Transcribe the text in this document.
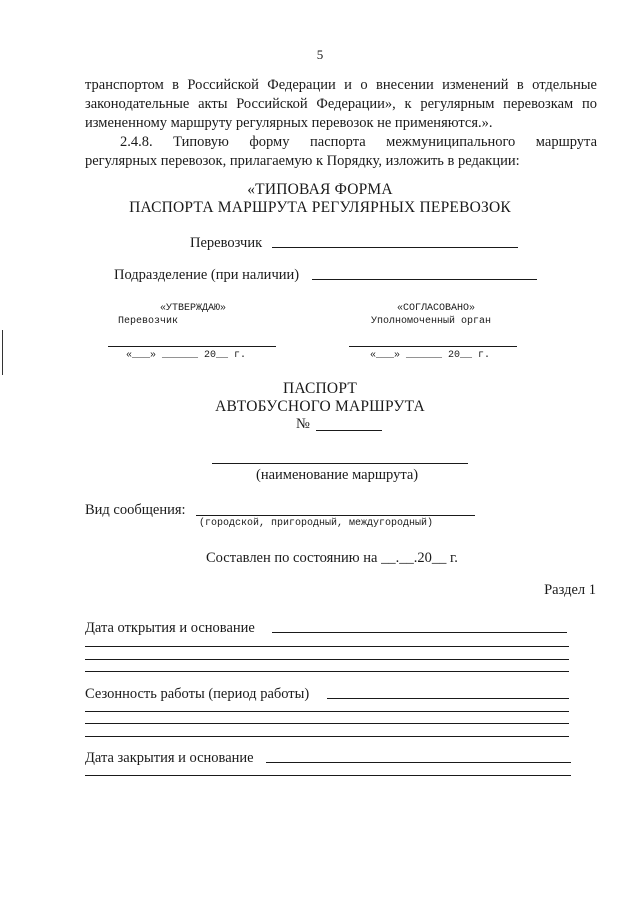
5
транспортом в Российской Федерации и о внесении изменений в отдельные
законодательные акты Российской Федерации», к регулярным перевозкам по
измененному маршруту регулярных перевозок не применяются.».
2.4.8. Типовую форму паспорта межмуниципального маршрута
регулярных перевозок, прилагаемую к Порядку, изложить в редакции:
«ТИПОВАЯ ФОРМА
ПАСПОРТА МАРШРУТА РЕГУЛЯРНЫХ ПЕРЕВОЗОК
Перевозчик
Подразделение (при наличии)
«УТВЕРЖДАЮ»
Перевозчик
«___» ______ 20__ г.
«СОГЛАСОВАНО»
Уполномоченный орган
«___» ______ 20__ г.
ПАСПОРТ
АВТОБУСНОГО МАРШРУТА
№
(наименование маршрута)
Вид сообщения:
(городской, пригородный, междугородный)
Составлен по состоянию на __.__.20__ г.
Раздел 1
Дата открытия и основание
Сезонность работы (период работы)
Дата закрытия и основание
